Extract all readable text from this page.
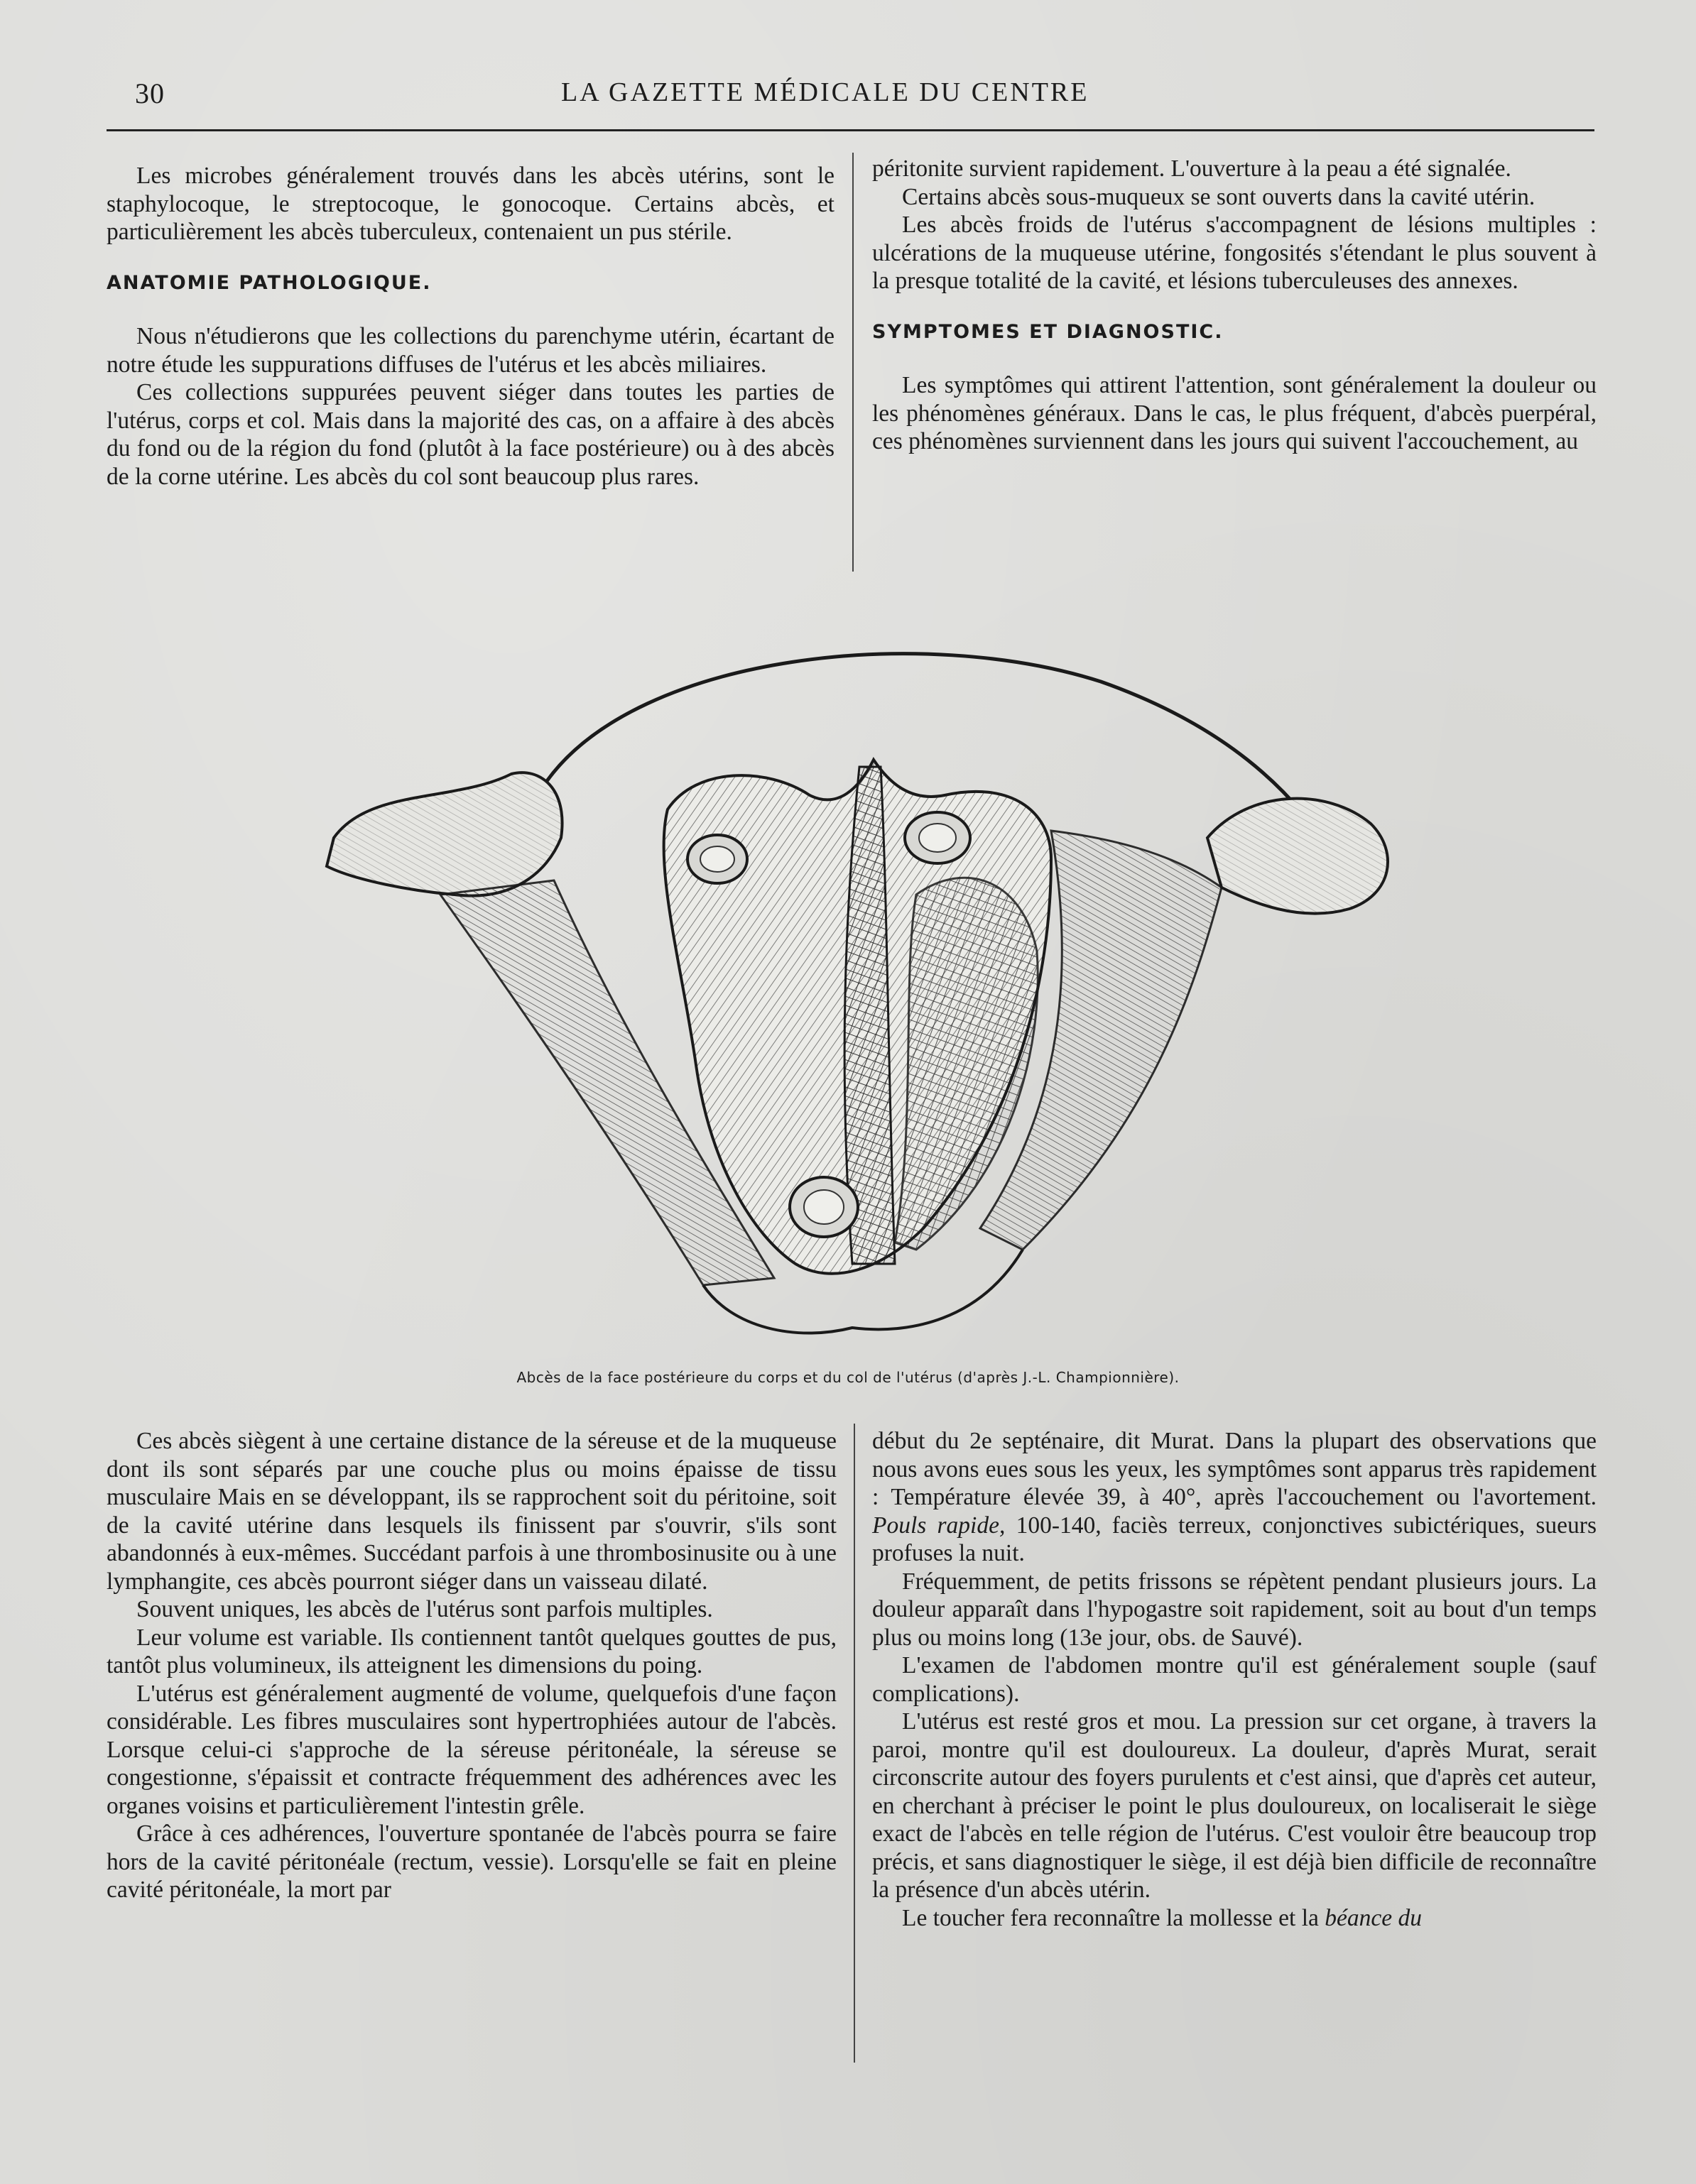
30	LA GAZETTE MÉDICALE DU CENTRE

Les microbes généralement trouvés dans les abcès utérins, sont le staphylocoque, le streptocoque, le gonocoque. Certains abcès, et particulièrement les abcès tuberculeux, contenaient un pus stérile.

ANATOMIE PATHOLOGIQUE.

Nous n'étudierons que les collections du parenchyme utérin, écartant de notre étude les suppurations diffuses de l'utérus et les abcès miliaires.

Ces collections suppurées peuvent siéger dans toutes les parties de l'utérus, corps et col. Mais dans la majorité des cas, on a affaire à des abcès du fond ou de la région du fond (plutôt à la face postérieure) ou à des abcès de la corne utérine. Les abcès du col sont beaucoup plus rares.

péritonite survient rapidement. L'ouverture à la peau a été signalée.

Certains abcès sous-muqueux se sont ouverts dans la cavité utérin.

Les abcès froids de l'utérus s'accompagnent de lésions multiples : ulcérations de la muqueuse utérine, fongosités s'étendant le plus souvent à la presque totalité de la cavité, et lésions tuberculeuses des annexes.

SYMPTOMES ET DIAGNOSTIC.

Les symptômes qui attirent l'attention, sont généralement la douleur ou les phénomènes généraux. Dans le cas, le plus fréquent, d'abcès puerpéral, ces phénomènes surviennent dans les jours qui suivent l'accouchement, au

Abcès de la face postérieure du corps et du col de l'utérus (d'après J.-L. Championnière).

Ces abcès siègent à une certaine distance de la séreuse et de la muqueuse dont ils sont séparés par une couche plus ou moins épaisse de tissu musculaire Mais en se développant, ils se rapprochent soit du péritoine, soit de la cavité utérine dans lesquels ils finissent par s'ouvrir, s'ils sont abandonnés à eux-mêmes. Succédant parfois à une thrombosinusite ou à une lymphangite, ces abcès pourront siéger dans un vaisseau dilaté.

Souvent uniques, les abcès de l'utérus sont parfois multiples.

Leur volume est variable. Ils contiennent tantôt quelques gouttes de pus, tantôt plus volumineux, ils atteignent les dimensions du poing.

L'utérus est généralement augmenté de volume, quelquefois d'une façon considérable. Les fibres musculaires sont hypertrophiées autour de l'abcès. Lorsque celui-ci s'approche de la séreuse péritonéale, la séreuse se congestionne, s'épaissit et contracte fréquemment des adhérences avec les organes voisins et particulièrement l'intestin grêle.

Grâce à ces adhérences, l'ouverture spontanée de l'abcès pourra se faire hors de la cavité péritonéale (rectum, vessie). Lorsqu'elle se fait en pleine cavité péritonéale, la mort par

début du 2e septénaire, dit Murat. Dans la plupart des observations que nous avons eues sous les yeux, les symptômes sont apparus très rapidement : Température élevée 39, à 40°, après l'accouchement ou l'avortement. Pouls rapide, 100-140, faciès terreux, conjonctives subictériques, sueurs profuses la nuit.

Fréquemment, de petits frissons se répètent pendant plusieurs jours. La douleur apparaît dans l'hypogastre soit rapidement, soit au bout d'un temps plus ou moins long (13e jour, obs. de Sauvé).

L'examen de l'abdomen montre qu'il est généralement souple (sauf complications).

L'utérus est resté gros et mou. La pression sur cet organe, à travers la paroi, montre qu'il est douloureux. La douleur, d'après Murat, serait circonscrite autour des foyers purulents et c'est ainsi, que d'après cet auteur, en cherchant à préciser le point le plus douloureux, on localiserait le siège exact de l'abcès en telle région de l'utérus. C'est vouloir être beaucoup trop précis, et sans diagnostiquer le siège, il est déjà bien difficile de reconnaître la présence d'un abcès utérin.

Le toucher fera reconnaître la mollesse et la béance du
